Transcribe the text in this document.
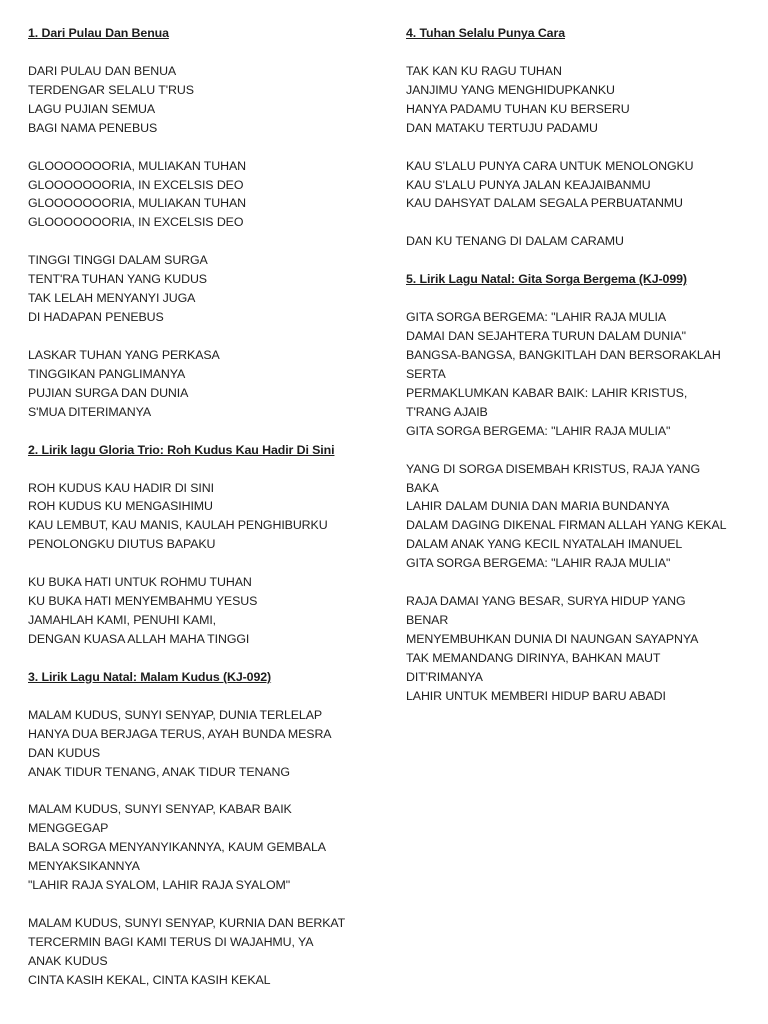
1. Dari Pulau Dan Benua
DARI PULAU DAN BENUA
TERDENGAR SELALU T'RUS
LAGU PUJIAN SEMUA
BAGI NAMA PENEBUS
GLOOOOOOORIA, MULIAKAN TUHAN
GLOOOOOOORIA, IN EXCELSIS DEO
GLOOOOOOORIA, MULIAKAN TUHAN
GLOOOOOOORIA, IN EXCELSIS DEO
TINGGI TINGGI DALAM SURGA
TENT'RA TUHAN YANG KUDUS
TAK LELAH MENYANYI JUGA
DI HADAPAN PENEBUS
LASKAR TUHAN YANG PERKASA
TINGGIKAN PANGLIMANYA
PUJIAN SURGA DAN DUNIA
S'MUA DITERIMANYA
2. Lirik lagu Gloria Trio: Roh Kudus Kau Hadir Di Sini
ROH KUDUS KAU HADIR DI SINI
ROH KUDUS KU MENGASIHIMU
KAU LEMBUT, KAU MANIS, KAULAH PENGHIBURKU
PENOLONGKU DIUTUS BAPAKU
KU BUKA HATI UNTUK ROHMU TUHAN
KU BUKA HATI MENYEMBAHMU YESUS
JAMAHLAH KAMI, PENUHI KAMI,
DENGAN KUASA ALLAH MAHA TINGGI
3. Lirik Lagu Natal: Malam Kudus (KJ-092)
MALAM KUDUS, SUNYI SENYAP, DUNIA TERLELAP
HANYA DUA BERJAGA TERUS, AYAH BUNDA MESRA
DAN KUDUS
ANAK TIDUR TENANG, ANAK TIDUR TENANG
MALAM KUDUS, SUNYI SENYAP, KABAR BAIK
MENGGEGAP
BALA SORGA MENYANYIKANNYA, KAUM GEMBALA
MENYAKSIKANNYA
"LAHIR RAJA SYALOM, LAHIR RAJA SYALOM"
MALAM KUDUS, SUNYI SENYAP, KURNIA DAN BERKAT
TERCERMIN BAGI KAMI TERUS DI WAJAHMU, YA
ANAK KUDUS
CINTA KASIH KEKAL, CINTA KASIH KEKAL
4. Tuhan Selalu Punya Cara
TAK KAN KU RAGU TUHAN
JANJIMU YANG MENGHIDUPKANKU
HANYA PADAMU TUHAN KU BERSERU
DAN MATAKU TERTUJU PADAMU
KAU S'LALU PUNYA CARA UNTUK MENOLONGKU
KAU S'LALU PUNYA JALAN KEAJAIBANMU
KAU DAHSYAT DALAM SEGALA PERBUATANMU
DAN KU TENANG DI DALAM CARAMU
5. Lirik Lagu Natal: Gita Sorga Bergema (KJ-099)
GITA SORGA BERGEMA: "LAHIR RAJA MULIA
DAMAI DAN SEJAHTERA TURUN DALAM DUNIA"
BANGSA-BANGSA, BANGKITLAH DAN BERSORAKLAH
SERTA
PERMAKLUMKAN KABAR BAIK: LAHIR KRISTUS,
T'RANG AJAIB
GITA SORGA BERGEMA: "LAHIR RAJA MULIA"
YANG DI SORGA DISEMBAH KRISTUS, RAJA YANG
BAKA
LAHIR DALAM DUNIA DAN MARIA BUNDANYA
DALAM DAGING DIKENAL FIRMAN ALLAH YANG KEKAL
DALAM ANAK YANG KECIL NYATALAH IMANUEL
GITA SORGA BERGEMA: "LAHIR RAJA MULIA"
RAJA DAMAI YANG BESAR, SURYA HIDUP YANG
BENAR
MENYEMBUHKAN DUNIA DI NAUNGAN SAYAPNYA
TAK MEMANDANG DIRINYA, BAHKAN MAUT
DIT'RIMANYA
LAHIR UNTUK MEMBERI HIDUP BARU ABADI
